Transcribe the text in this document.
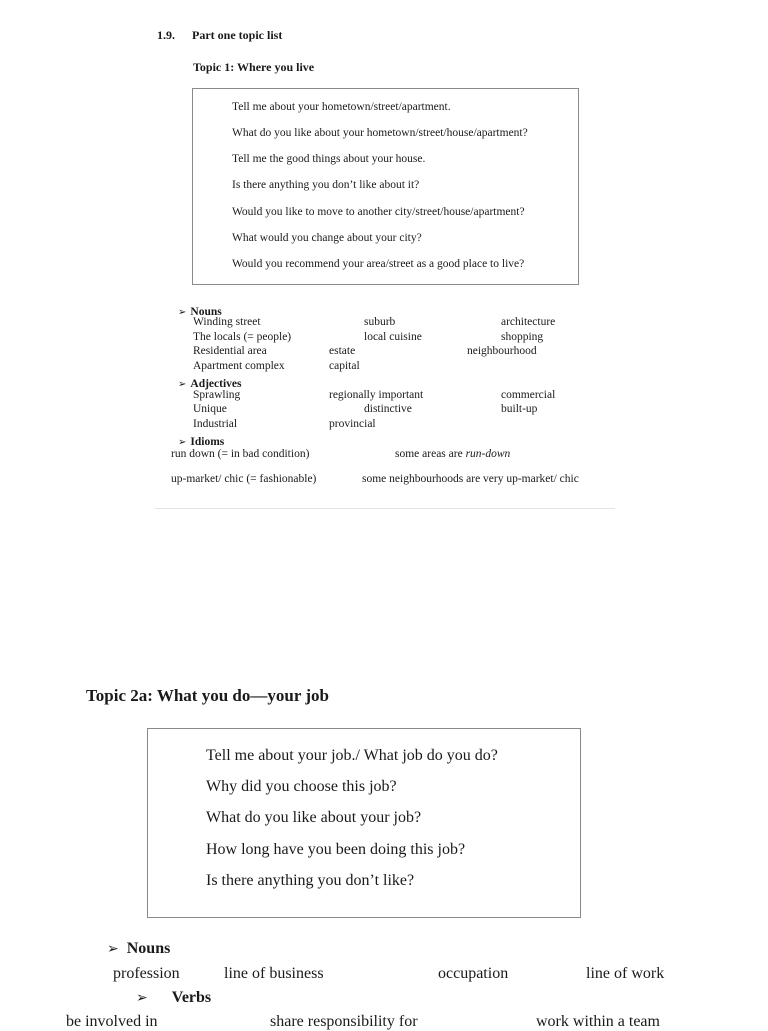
1.9. Part one topic list
Topic 1: Where you live
Tell me about your hometown/street/apartment.
What do you like about your hometown/street/house/apartment?
Tell me the good things about your house.
Is there anything you don’t like about it?
Would you like to move to another city/street/house/apartment?
What would you change about your city?
Would you recommend your area/street as a good place to live?
➢ Nouns
Winding street	suburb	architecture
The locals (= people)	local cuisine	shopping
Residential area	estate	neighbourhood
Apartment complex	capital
➢ Adjectives
Sprawling	regionally important	commercial
Unique	distinctive	built-up
Industrial	provincial
➢ Idioms
run down (= in bad condition)	some areas are run-down
up-market/ chic (= fashionable)	some neighbourhoods are very up-market/ chic
Topic 2a: What you do—your job
Tell me about your job./ What job do you do?
Why did you choose this job?
What do you like about your job?
How long have you been doing this job?
Is there anything you don’t like?
➢ Nouns
profession	line of business	occupation	line of work
➢ Verbs
be involved in	share responsibility for	work within a team
